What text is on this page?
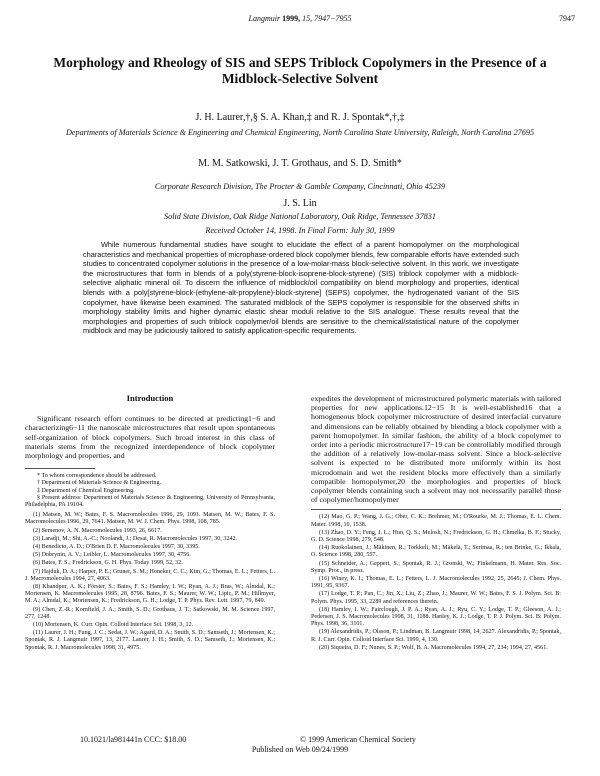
Langmuir 1999, 15, 7947−7955	7947
Morphology and Rheology of SIS and SEPS Triblock Copolymers in the Presence of a Midblock-Selective Solvent
J. H. Laurer,†,§ S. A. Khan,‡ and R. J. Spontak*,†,‡
Departments of Materials Science & Engineering and Chemical Engineering, North Carolina State University, Raleigh, North Carolina 27695
M. M. Satkowski, J. T. Grothaus, and S. D. Smith*
Corporate Research Division, The Procter & Gamble Company, Cincinnati, Ohio 45239
J. S. Lin
Solid State Division, Oak Ridge National Laboratory, Oak Ridge, Tennessee 37831
Received October 14, 1998. In Final Form: July 30, 1999
While numerous fundamental studies have sought to elucidate the effect of a parent homopolymer on the morphological characteristics and mechanical properties of microphase-ordered block copolymer blends, few comparable efforts have extended such studies to concentrated copolymer solutions in the presence of a low-molar-mass block-selective solvent. In this work, we investigate the microstructures that form in blends of a poly(styrene-block-isoprene-block-styrene) (SIS) triblock copolymer with a midblock-selective aliphatic mineral oil. To discern the influence of midblock/oil compatibility on blend morphology and properties, identical blends with a poly[styrene-block-(ethylene-alt-propylene)-block-styrene] (SEPS) copolymer, the hydrogenated variant of the SIS copolymer, have likewise been examined. The saturated midblock of the SEPS copolymer is responsible for the observed shifts in morphology stability limits and higher dynamic elastic shear moduli relative to the SIS analogue. These results reveal that the morphologies and properties of such triblock copolymer/oil blends are sensitive to the chemical/statistical nature of the copolymer midblock and may be judiciously tailored to satisfy application-specific requirements.
Introduction

Significant research effort continues to be directed at predicting1−6 and characterizing6−11 the nanoscale microstructures that result upon spontaneous self-organization of block copolymers. Such broad interest in this class of materials stems from the recognized interdependence of block copolymer morphology and properties, and

* To whom correspondence should be addressed.

† Department of Materials Science & Engineering.

‡ Department of Chemical Engineering.

§ Present address: Department of Materials Science & Engineering, University of Pennsylvania, Philadelphia, PA 19104.

(1) Matsen, M. W.; Bates, F. S. Macromolecules 1996, 29, 1091. Matsen, M. W.; Bates, F. S. Macromolecules 1996, 29, 7641. Matsen, M. W. J. Chem. Phys. 1998, 108, 785.

(2) Semenov, A. N. Macromolecules 1993, 26, 6617.

(3) Laradji, M.; Shi, A.-C.; Noolandi, J.; Desai, R. Macromolecules 1997, 30, 3242.

(4) Benedicto, A. D.; O'Brien D. F. Macromolecules 1997, 30, 3395.

(5) Dobrynin, A. V.; Leibler, L. Macromolecules 1997, 30, 4756.

(6) Bates, F. S.; Fredrickson, G. H. Phys. Today 1999, 52, 32.

(7) Hajduk, D. A.; Harper, P. E.; Gruner, S. M.; Honeker, C. C.; Kim, G.; Thomas, E. L.; Fetters, L. J. Macromolecules 1994, 27, 4063.

(8) Khandpur, A. K.; Förster, S.; Bates, F. S.; Hamley, I. W.; Ryan, A. J.; Bras, W.; Almdal, K.; Mortensen, K. Macromolecules 1995, 28, 8796. Bates, F. S.; Maurer, W. W.; Lipic, P. M.; Hillmyer, M. A.; Almdal, K.; Mortensen, K.; Fredrickson, G. H.; Lodge, T. P. Phys. Rev. Lett. 1997, 79, 849.

(9) Chen, Z.-R.; Kornfield, J. A.; Smith, S. D.; Grothaus, J. T.; Satkowski, M. M. Science 1997, 277, 1248.

(10) Mortensen, K. Curr. Opin. Colloid Interface Sci. 1998, 3, 12.

(11) Laurer, J. H.; Fung, J. C.; Sedat, J. W.; Agard, D. A.; Smith, S. D.; Samseth, J.; Mortensen, K.; Spontak, R. J. Langmuir 1997, 13, 2177. Laurer, J. H.; Smith, S. D.; Samseth, J.; Mortensen, K.; Spontak, R. J. Macromolecules 1998, 31, 4975.

expedites the development of microstructured polymeric materials with tailored properties for new applications.12−15 It is well-established16 that a homogeneous block copolymer microstructure of desired interfacial curvature and dimensions can be reliably obtained by blending a block copolymer with a parent homopolymer. In similar fashion, the ability of a block copolymer to order into a periodic microstructure17−19 can be controllably modified through the addition of a relatively low-molar-mass solvent. Since a block-selective solvent is expected to be distributed more uniformly within its host microdomain and wet the resident blocks more effectively than a similarly compatible homopolymer,20 the morphologies and properties of block copolymer blends containing such a solvent may not necessarily parallel those of copolymer/homopolymer

(12) Mao, G. P.; Wang, J. G.; Ober, C. K.; Brehmer, M.; O'Rourke, M. J.; Thomas, E. L. Chem. Mater. 1998, 10, 1538.

(13) Zhao, D. Y.; Feng, J. L.; Huo, Q. S.; Melosh, N.; Fredrickson, G. H.; Chmelka, B. F.; Stucky, G. D. Science 1998, 279, 548.

(14) Ruokolainen, J.; Mäkinen, R.; Torkkeli, M.; Mäkelä, T.; Serimaa, R.; ten Brinke, G.; Ikkala, O. Science 1998, 280, 557.

(15) Schneider, A.; Geppert, S.; Spontak, R. J.; Gronski, W.; Finkelmann, H. Mater. Res. Soc. Symp. Proc., in press.

(16) Winey, K. I.; Thomas, E. L.; Fetters, L. J. Macromolecules 1992, 25, 2645; J. Chem. Phys. 1991, 95, 9367.

(17) Lodge, T. P.; Pan, C.; Jin, X.; Liu, Z.; Zhao, J.; Maurer, W. W.; Bates, F. S. J. Polym. Sci. B: Polym. Phys. 1995, 33, 2289 and references therein.

(18) Hamley, I. W.; Fairclough, J. P. A.; Ryan, A. J.; Ryu, C. Y.; Lodge, T. P.; Gleeson, A. J.; Pedersen, J. S. Macromolecules 1998, 31, 1188. Hanley, K. J.; Lodge, T. P. J. Polym. Sci. B: Polym. Phys. 1998, 36, 3101.

(19) Alexandridis, P.; Olsson, P.; Lindman, B. Langmuir 1998, 14, 2627. Alexandridis, P.; Spontak, R. J. Curr. Opin. Colloid Interface Sci. 1999, 4, 130.

(20) Siqueira, D. F.; Nunes, S. P.; Wolf, B. A. Macromolecules 1994, 27, 234; 1994, 27, 4561.

10.1021/la981441n CCC: $18.00	© 1999 American Chemical Society
Published on Web 09/24/1999
